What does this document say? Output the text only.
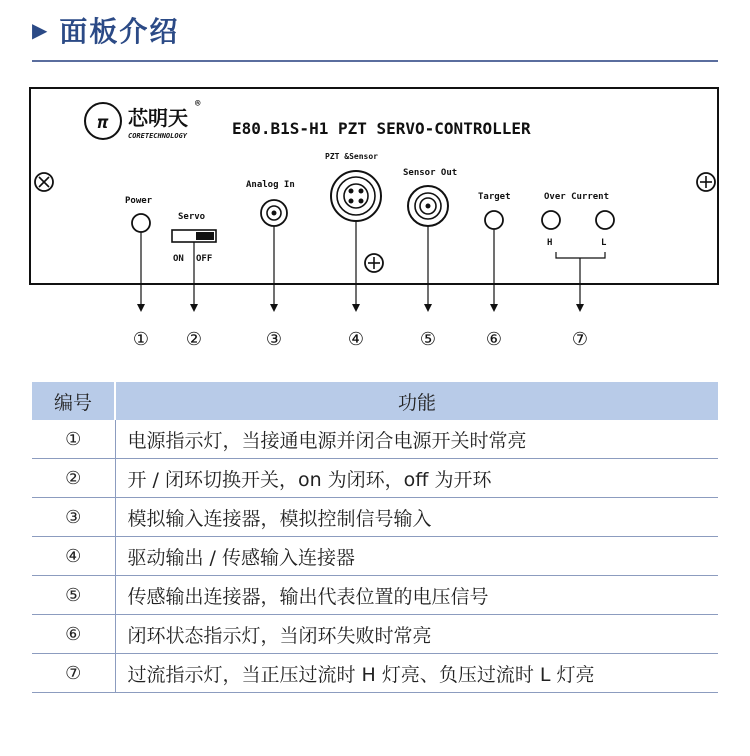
▶ 面板介绍
π 芯明天
CORETECHNOLOGY
®
E80.B1S-H1 PZT SERVO-CONTROLLER
Power
Servo
ON OFF
Analog In
PZT &Sensor
Sensor Out
Target	Over Current
H	L
① ②	③	④	⑤	⑥	⑦
编号	功能
①	电源指示灯，当接通电源并闭合电源开关时常亮
②	开 / 闭环切换开关，on 为闭环，off 为开环
③	模拟输入连接器，模拟控制信号输入
④	驱动输出 / 传感输入连接器
⑤	传感输出连接器，输出代表位置的电压信号
⑥	闭环状态指示灯，当闭环失败时常亮
⑦	过流指示灯，当正压过流时 H 灯亮、负压过流时 L 灯亮
